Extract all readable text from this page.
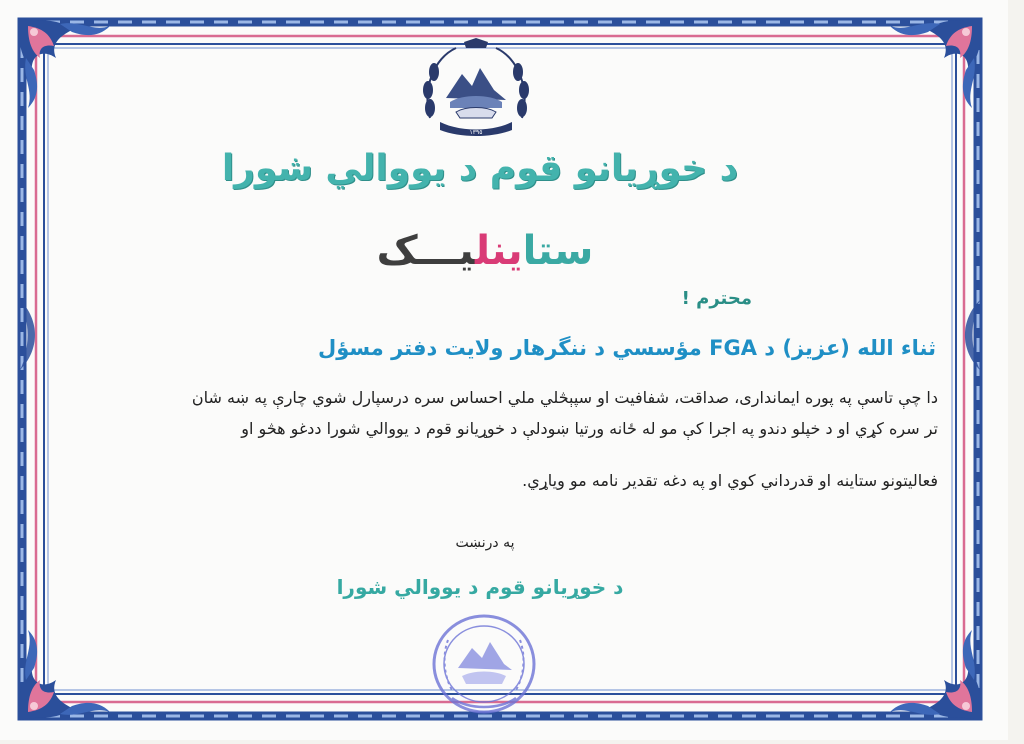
١٣٩٥
د خوړيانو قوم د يووالي شورا
ستاينليـــک
محترم !
ثناء الله (عزيز) د FGA مؤسسي د ننگرهار ولايت دفتر مسؤل
دا چې تاسې په پوره ايمانداری، صداقت، شفافيت او سپېڅلي ملي احساس سره درسپارل شوي چارې په ښه شان
تر سره کړي او د خپلو دندو په اجرا کې مو له ځانه ورتيا ښودلې د خوړيانو قوم د يووالي شورا ددغو هڅو او
فعاليتونو ستاينه او قدرداني کوي او په دغه تقدير نامه مو وياړي.
په درنښت
د خوړيانو قوم د يووالي شورا
